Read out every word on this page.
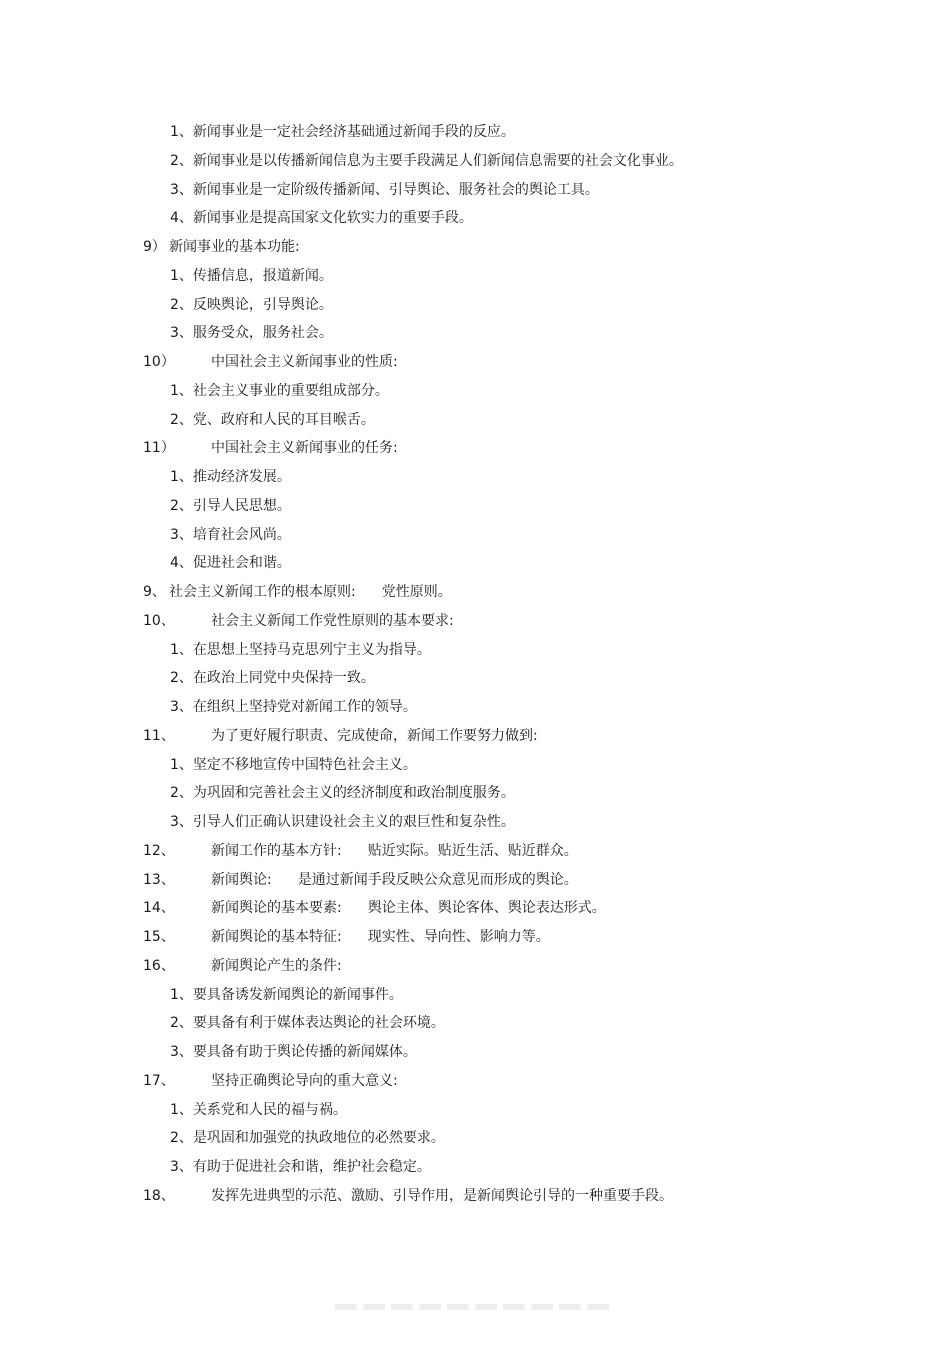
1、新闻事业是一定社会经济基础通过新闻手段的反应。
2、新闻事业是以传播新闻信息为主要手段满足人们新闻信息需要的社会文化事业。
3、新闻事业是一定阶级传播新闻、引导舆论、服务社会的舆论工具。
4、新闻事业是提高国家文化软实力的重要手段。
9） 新闻事业的基本功能:
1、传播信息，报道新闻。
2、反映舆论，引导舆论。
3、服务受众，服务社会。
10）	中国社会主义新闻事业的性质:
1、社会主义事业的重要组成部分。
2、党、政府和人民的耳目喉舌。
11）	中国社会主义新闻事业的任务:
1、推动经济发展。
2、引导人民思想。
3、培育社会风尚。
4、促进社会和谐。
9、 社会主义新闻工作的根本原则: 党性原则。
10、	社会主义新闻工作党性原则的基本要求:
1、在思想上坚持马克思列宁主义为指导。
2、在政治上同党中央保持一致。
3、在组织上坚持党对新闻工作的领导。
11、	为了更好履行职责、完成使命，新闻工作要努力做到:
1、坚定不移地宣传中国特色社会主义。
2、为巩固和完善社会主义的经济制度和政治制度服务。
3、引导人们正确认识建设社会主义的艰巨性和复杂性。
12、	新闻工作的基本方针: 贴近实际。贴近生活、贴近群众。
13、	新闻舆论: 是通过新闻手段反映公众意见而形成的舆论。
14、	新闻舆论的基本要素: 舆论主体、舆论客体、舆论表达形式。
15、	新闻舆论的基本特征: 现实性、导向性、影响力等。
16、	新闻舆论产生的条件:
1、要具备诱发新闻舆论的新闻事件。
2、要具备有利于媒体表达舆论的社会环境。
3、要具备有助于舆论传播的新闻媒体。
17、	坚持正确舆论导向的重大意义:
1、关系党和人民的福与祸。
2、是巩固和加强党的执政地位的必然要求。
3、有助于促进社会和谐，维护社会稳定。
18、	发挥先进典型的示范、激励、引导作用，是新闻舆论引导的一种重要手段。
